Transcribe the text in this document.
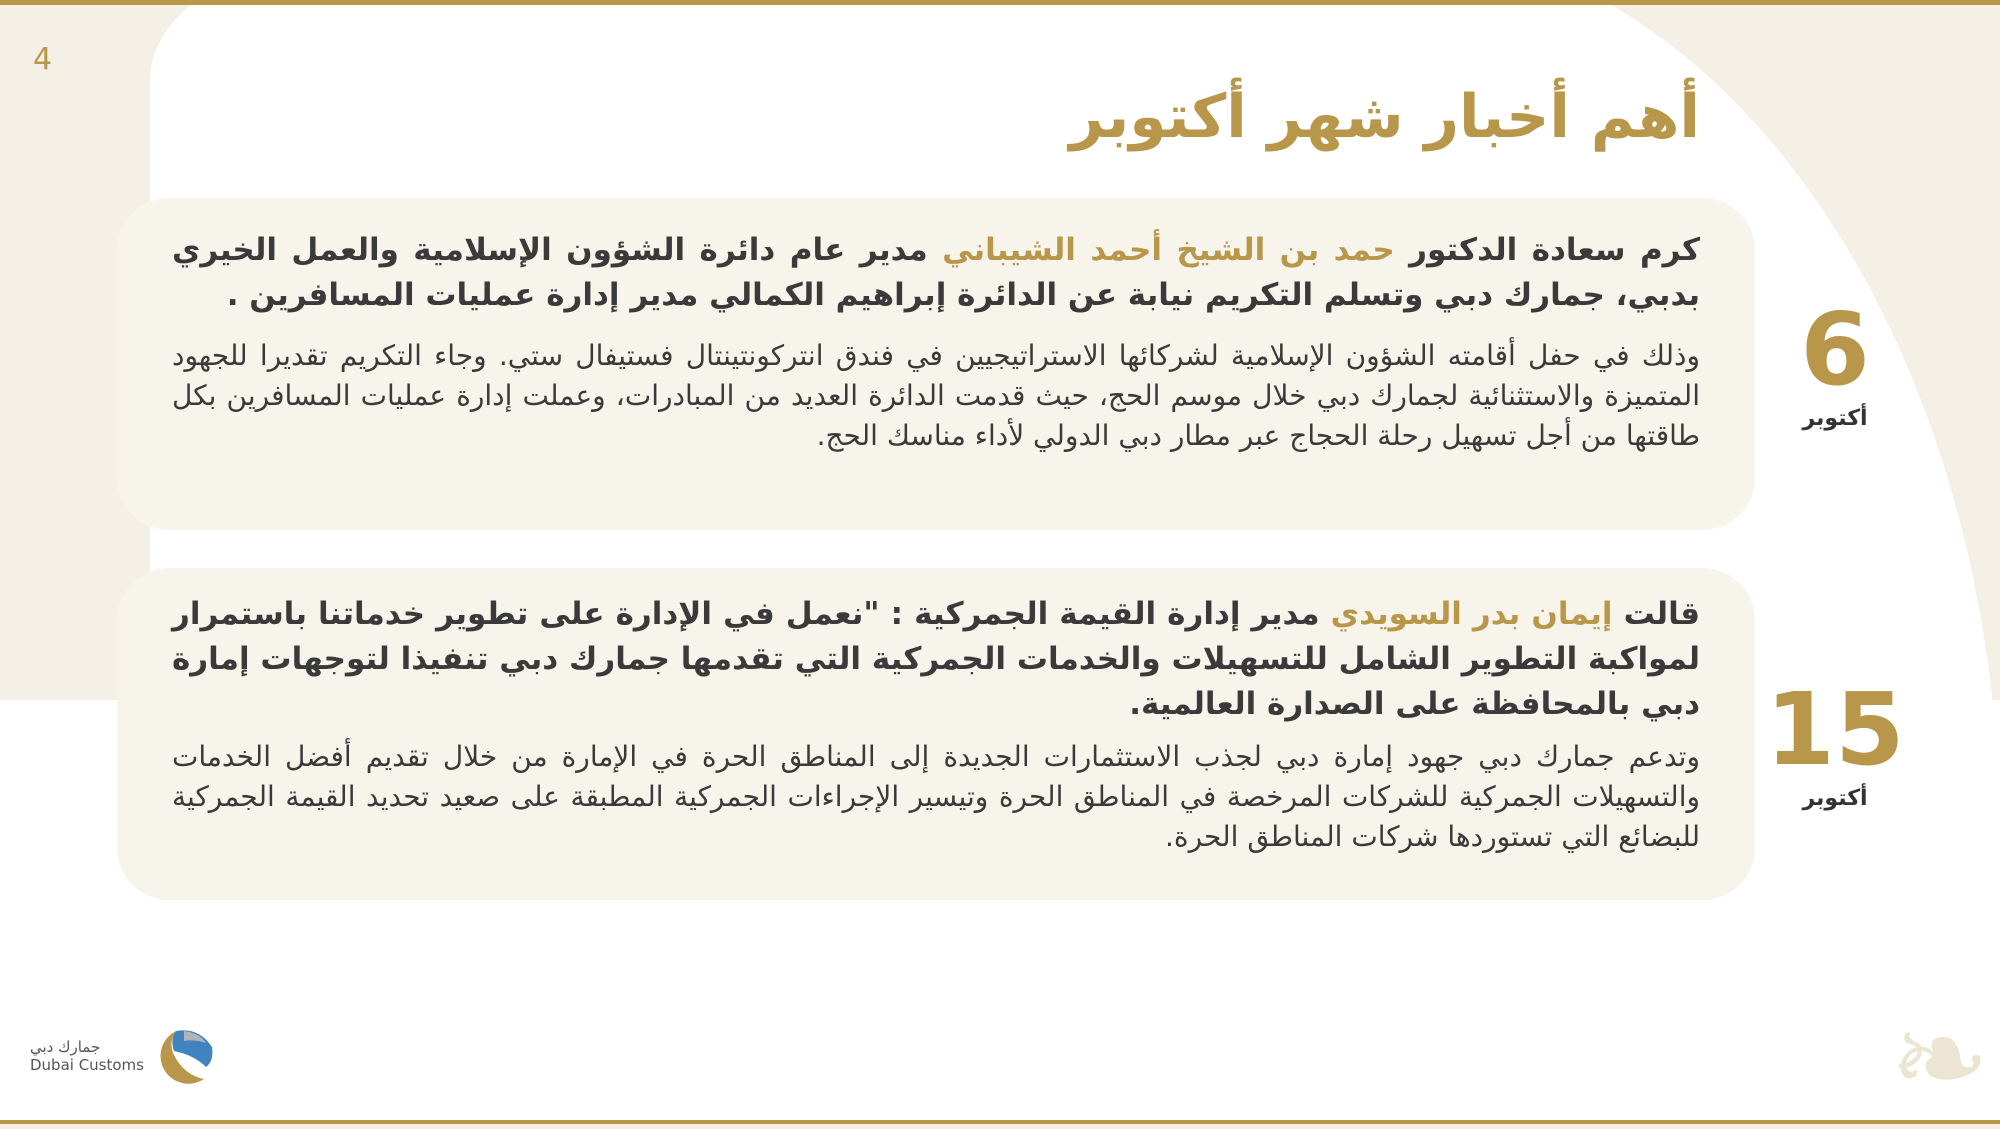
4
أهم أخبار شهر أكتوبر

كرم سعادة الدكتور حمد بن الشيخ أحمد الشيباني مدير عام دائرة الشؤون الإسلامية والعمل الخيري بدبي، جمارك دبي وتسلم التكريم نيابة عن الدائرة إبراهيم الكمالي مدير إدارة عمليات المسافرين .

وذلك في حفل أقامته الشؤون الإسلامية لشركائها الاستراتيجيين في فندق انتركونتينتال فستيفال ستي. وجاء التكريم تقديرا للجهود المتميزة والاستثنائية لجمارك دبي خلال موسم الحج، حيث قدمت الدائرة العديد من المبادرات، وعملت إدارة عمليات المسافرين بكل طاقتها من أجل تسهيل رحلة الحجاج عبر مطار دبي الدولي لأداء مناسك الحج.

6
أكتوبر

قالت إيمان بدر السويدي مدير إدارة القيمة الجمركية : "نعمل في الإدارة على تطوير خدماتنا باستمرار لمواكبة التطوير الشامل للتسهيلات والخدمات الجمركية التي تقدمها جمارك دبي تنفيذا لتوجهات إمارة دبي بالمحافظة على الصدارة العالمية.

وتدعم جمارك دبي جهود إمارة دبي لجذب الاستثمارات الجديدة إلى المناطق الحرة في الإمارة من خلال تقديم أفضل الخدمات والتسهيلات الجمركية للشركات المرخصة في المناطق الحرة وتيسير الإجراءات الجمركية المطبقة على صعيد تحديد القيمة الجمركية للبضائع التي تستوردها شركات المناطق الحرة.

15
أكتوبر
جمارك دبي
Dubai Customs	❧
